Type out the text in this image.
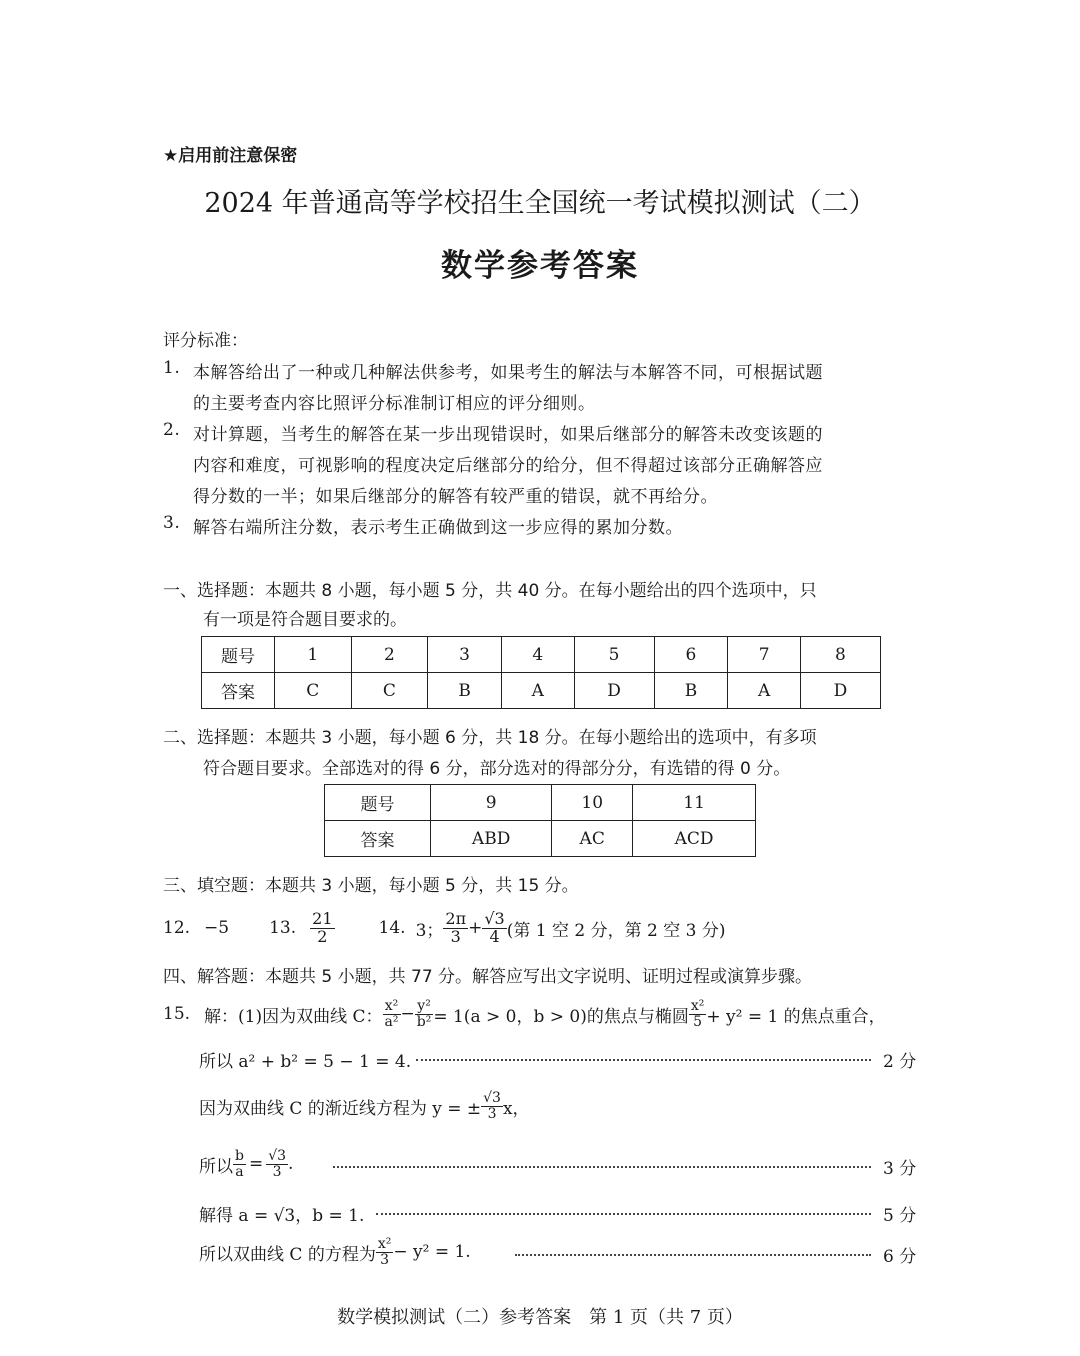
★启用前注意保密
2024 年普通高等学校招生全国统一考试模拟测试（二）
数学参考答案
评分标准：
1. 本解答给出了一种或几种解法供参考，如果考生的解法与本解答不同，可根据试题
的主要考查内容比照评分标准制订相应的评分细则。
2. 对计算题，当考生的解答在某一步出现错误时，如果后继部分的解答未改变该题的
内容和难度，可视影响的程度决定后继部分的给分，但不得超过该部分正确解答应
得分数的一半；如果后继部分的解答有较严重的错误，就不再给分。
3. 解答右端所注分数，表示考生正确做到这一步应得的累加分数。
一、选择题：本题共 8 小题，每小题 5 分，共 40 分。在每小题给出的四个选项中，只
有一项是符合题目要求的。
题号	1	2	3	4	5	6	7	8
答案	C	C	B	A	D	B	A	D
二、选择题：本题共 3 小题，每小题 6 分，共 18 分。在每小题给出的选项中，有多项
符合题目要求。全部选对的得 6 分，部分选对的得部分分，有选错的得 0 分。
题号	9	10	11
答案	ABD	AC	ACD
三、填空题：本题共 3 小题，每小题 5 分，共 15 分。
12. −5 13. $\frac{21}{2}$	14. 3； $\frac{2\pi}{3} + \frac{√3}{4}$ (第 1 空 2 分，第 2 空 3 分)
四、解答题：本题共 5 小题，共 77 分。解答应写出文字说明、证明过程或演算步骤。
15. 解：(1)因为双曲线 C： $\frac{\text{x²}}{\text{a²}} - \frac{\text{y²}}{\text{b²}} = 1(a > 0$，b > 0)的焦点与椭圆 $\frac{\text{x²}}{5} + y^2 = 1$ 的焦点重合，
所以 a² + b² = 5 − 1 = 4.	2 分
因为双曲线 C 的渐近线方程为 y = ± $\frac{√3}{3}$ x，
所以 $\frac{b}{a} = \frac{√3}{3}$ .	3 分
解得 a = √3，b = 1.	5 分
所以双曲线 C 的方程为 $\frac{\text{x²}}{3} - y^2 = 1$.	6 分
数学模拟测试（二）参考答案　第 1 页（共 7 页）
